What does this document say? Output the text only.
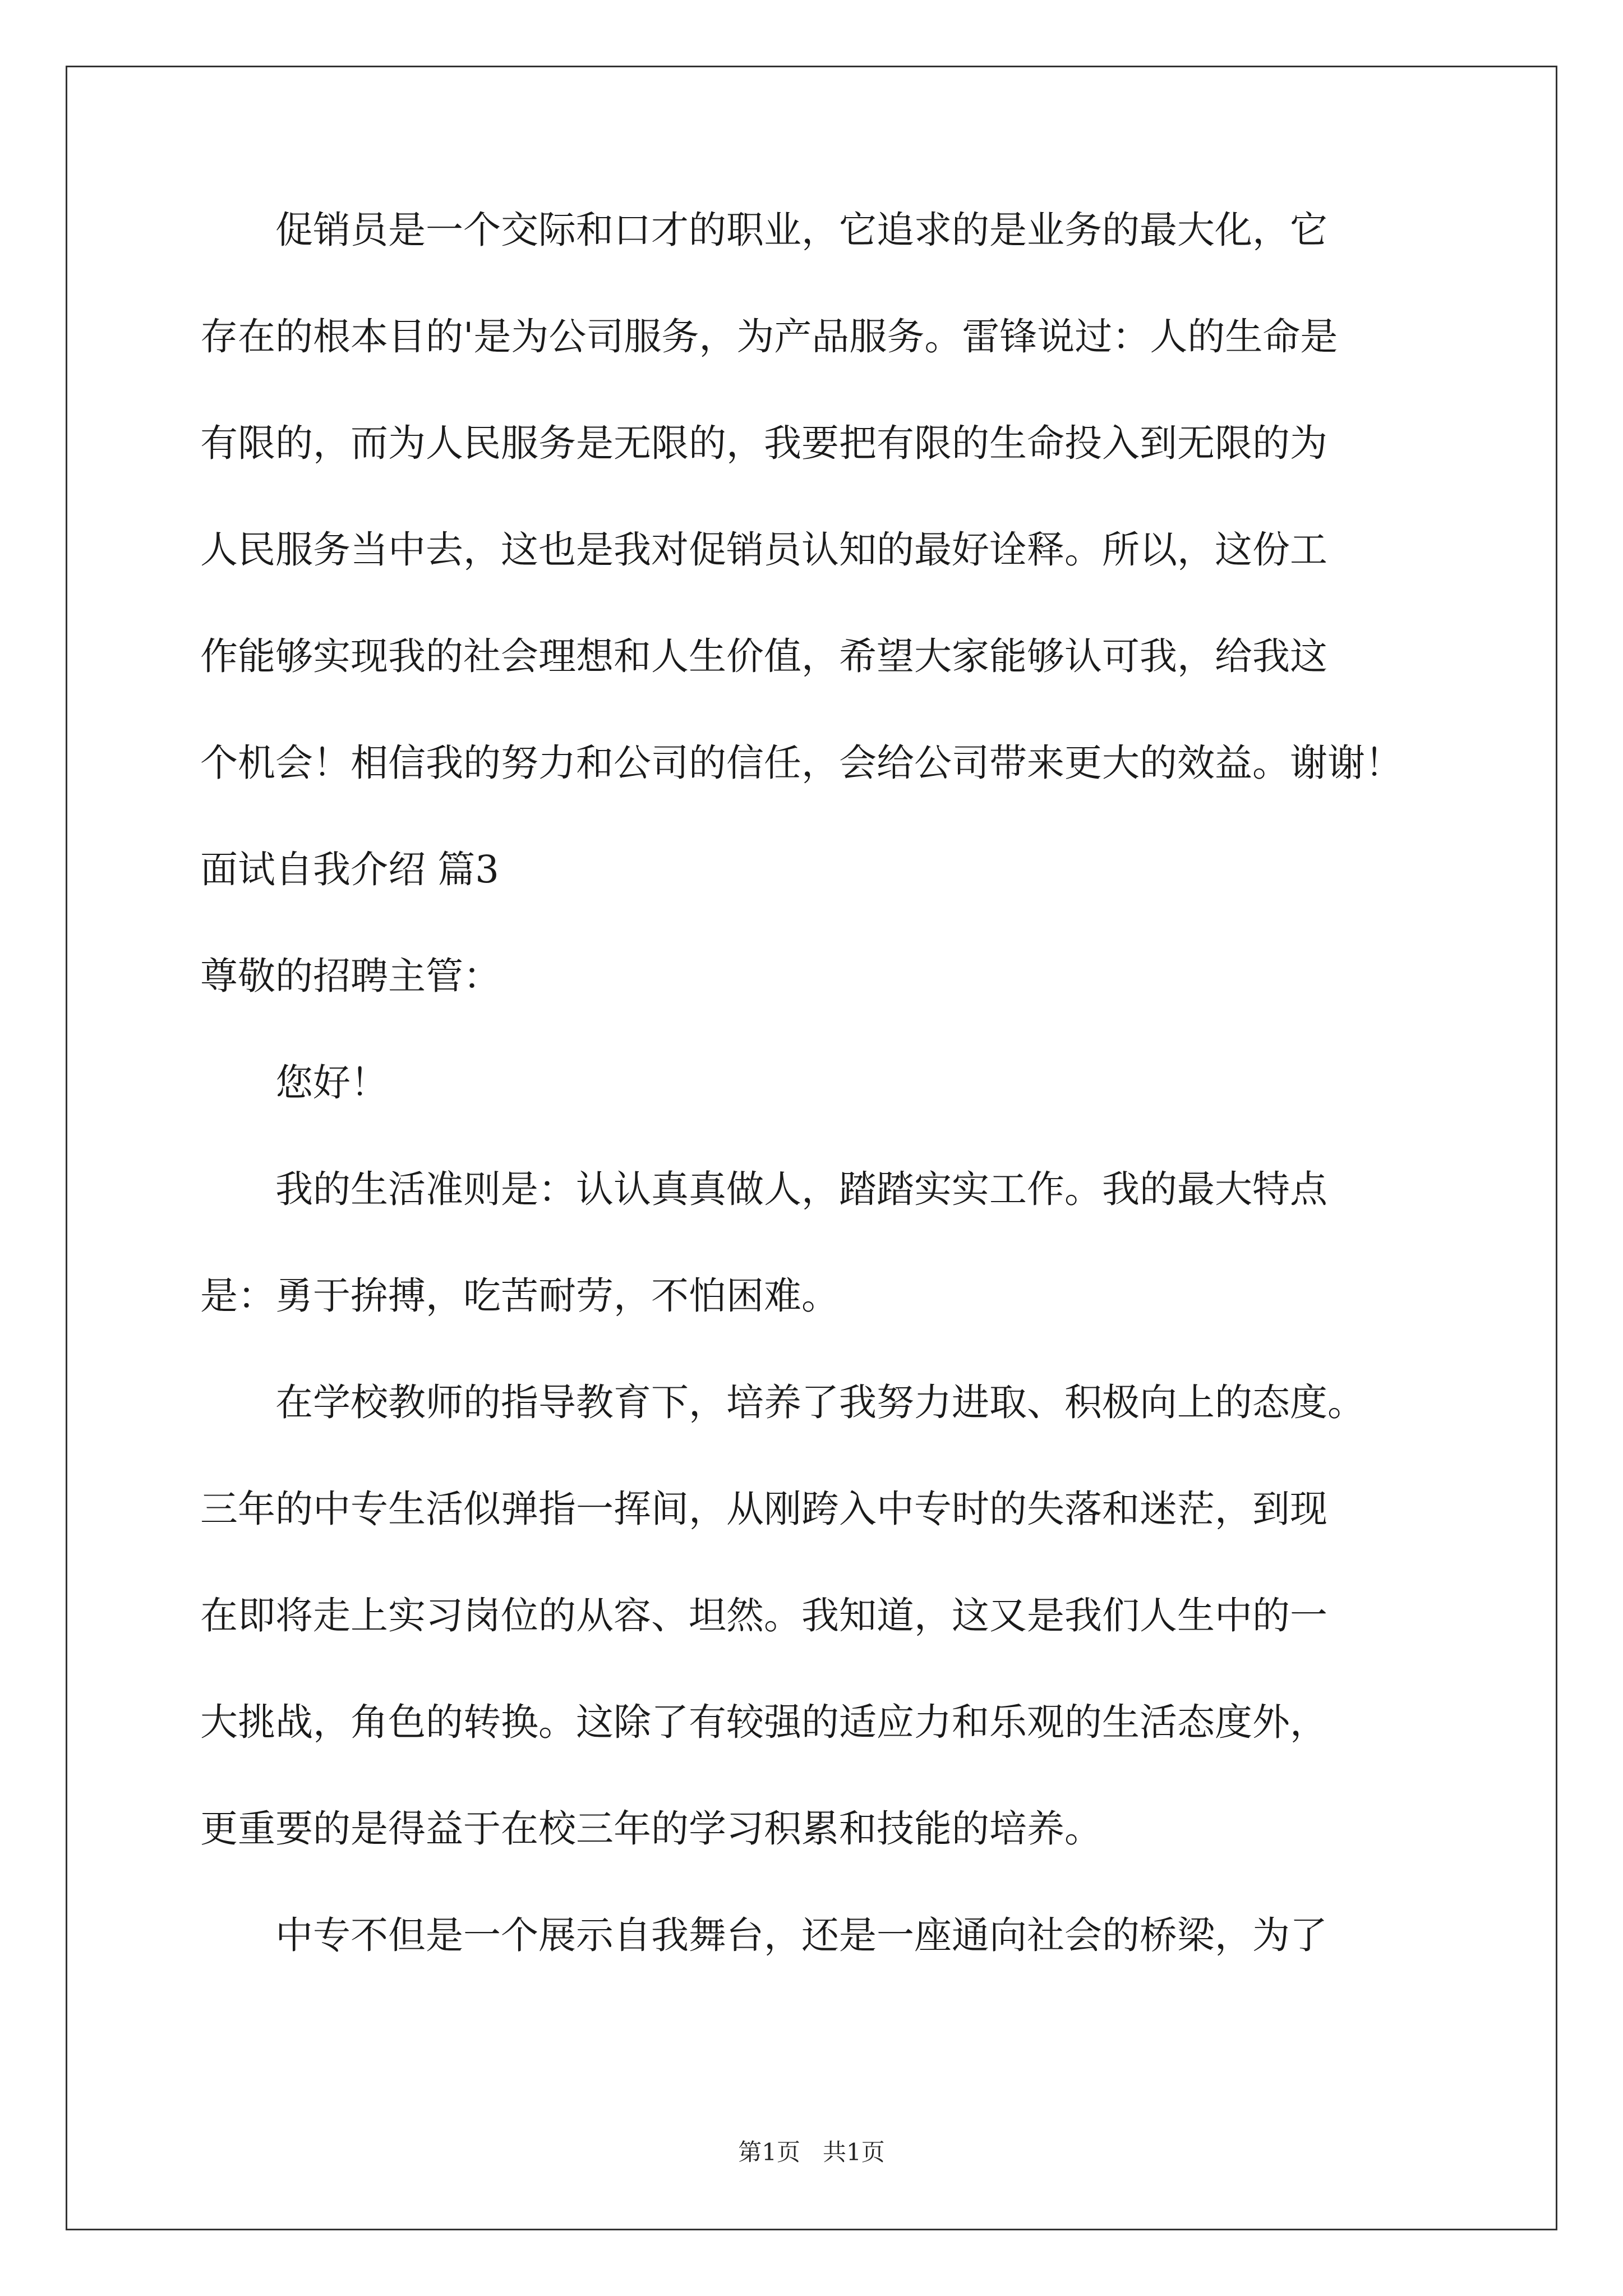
促销员是一个交际和口才的职业，它追求的是业务的最大化，它
存在的根本目的'是为公司服务，为产品服务。雷锋说过：人的生命是
有限的，而为人民服务是无限的，我要把有限的生命投入到无限的为
人民服务当中去，这也是我对促销员认知的最好诠释。所以，这份工
作能够实现我的社会理想和人生价值，希望大家能够认可我，给我这
个机会！相信我的努力和公司的信任，会给公司带来更大的效益。谢谢！
面试自我介绍 篇3
尊敬的招聘主管：
您好！
我的生活准则是：认认真真做人，踏踏实实工作。我的最大特点
是：勇于拚搏，吃苦耐劳，不怕困难。
在学校教师的指导教育下，培养了我努力进取、积极向上的态度。
三年的中专生活似弹指一挥间，从刚跨入中专时的失落和迷茫，到现
在即将走上实习岗位的从容、坦然。我知道，这又是我们人生中的一
大挑战，角色的转换。这除了有较强的适应力和乐观的生活态度外，
更重要的是得益于在校三年的学习积累和技能的培养。
中专不但是一个展示自我舞台，还是一座通向社会的桥梁，为了
第1页   共1页
